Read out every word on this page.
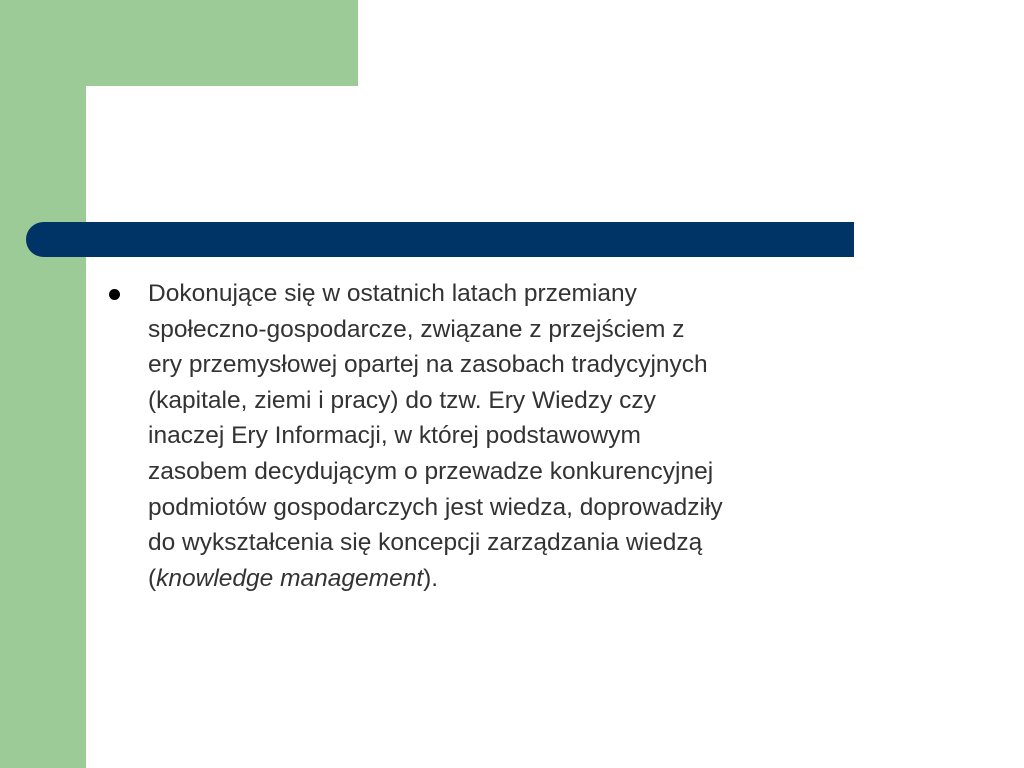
Dokonujące się w ostatnich latach przemiany
społeczno-gospodarcze, związane z przejściem z
ery przemysłowej opartej na zasobach tradycyjnych
(kapitale, ziemi i pracy) do tzw. Ery Wiedzy czy
inaczej Ery Informacji, w której podstawowym
zasobem decydującym o przewadze konkurencyjnej
podmiotów gospodarczych jest wiedza, doprowadziły
do wykształcenia się koncepcji zarządzania wiedzą
(knowledge management).
